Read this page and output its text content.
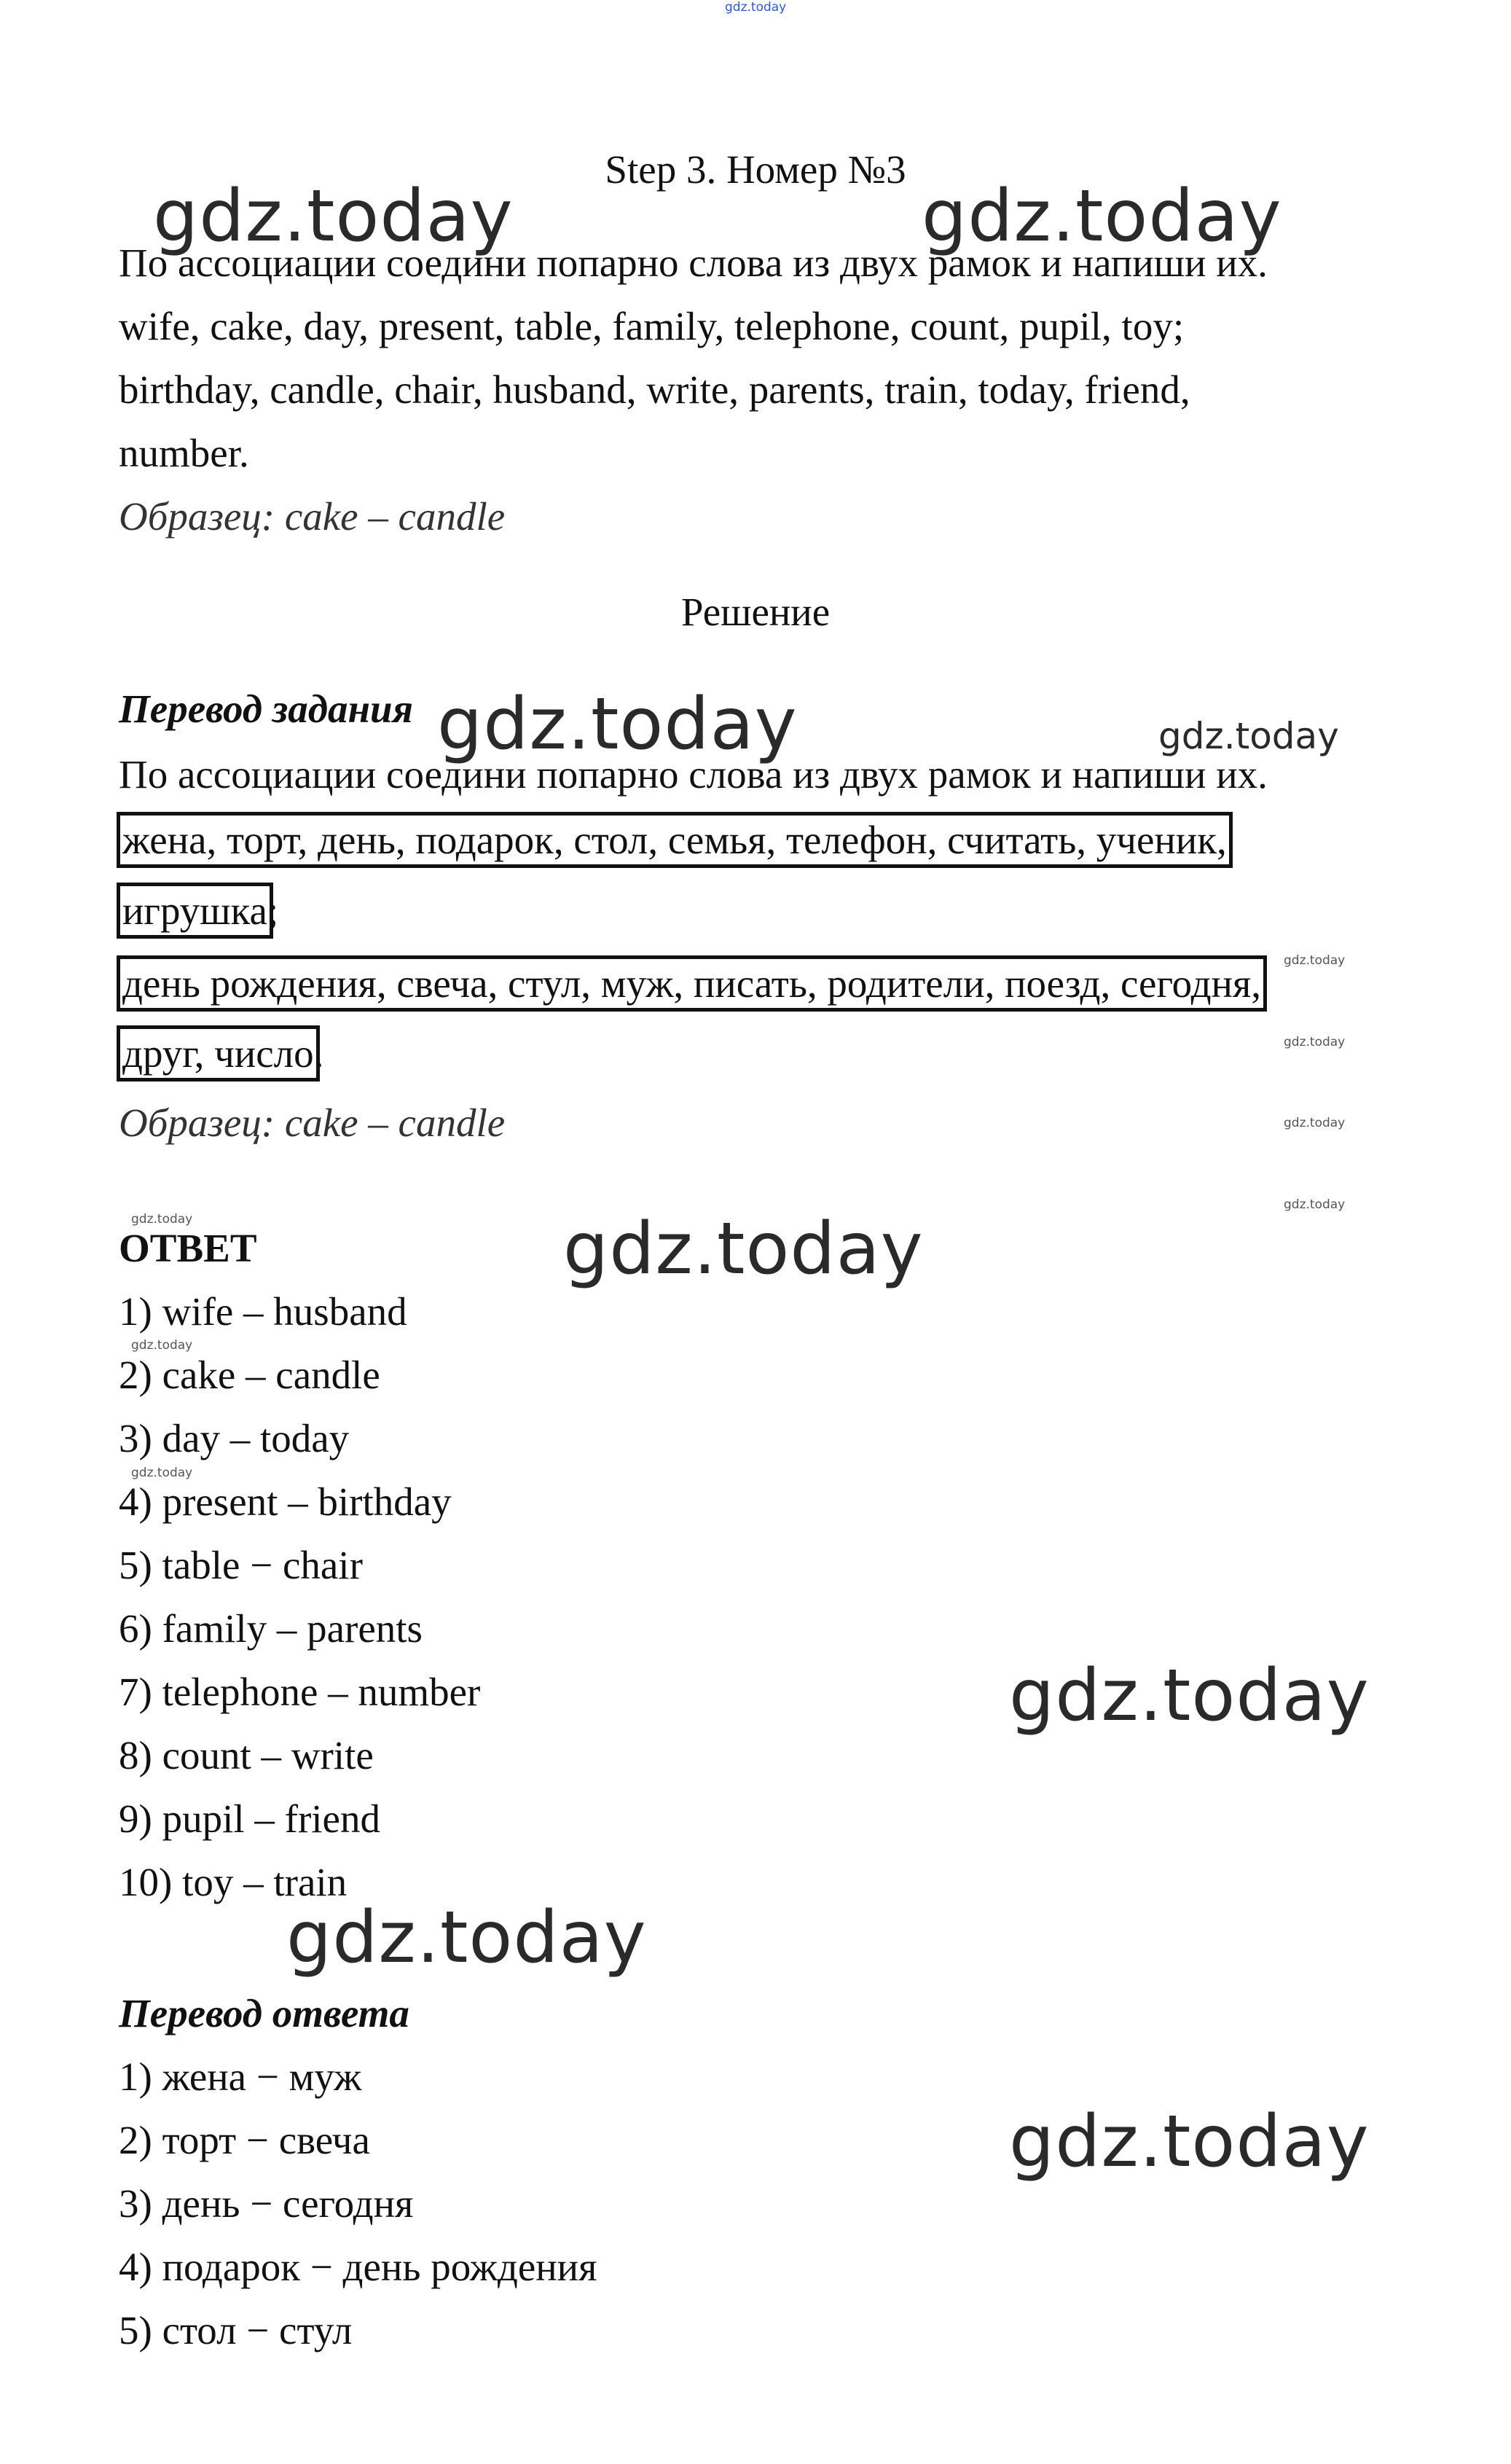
gdz.today
Step 3. Номер №3
По ассоциации соедини попарно слова из двух рамок и напиши их.
wife, cake, day, present, table, family, telephone, count, pupil, toy;
birthday, candle, chair, husband, write, parents, train, today, friend,
number.
Образец: cake – candle
Решение
Перевод задания
По ассоциации соедини попарно слова из двух рамок и напиши их.
жена, торт, день, подарок, стол, семья, телефон, считать, ученик,
игрушка;
день рождения, свеча, стул, муж, писать, родители, поезд, сегодня,
друг, число.
Образец: cake – candle
ОТВЕТ
1) wife – husband
2) cake – candle
3) day – today
4) present – birthday
5) table − chair
6) family – parents
7) telephone – number
8) count – write
9) pupil – friend
10) toy – train
Перевод ответа
1) жена − муж
2) торт − свеча
3) день − сегодня
4) подарок − день рождения
5) стол − стул
gdz.today	gdz.today
gdz.today	gdz.today
gdz.today
gdz.today
gdz.today
gdz.today
gdz.today
gdz.today
gdz.today
gdz.today
gdz.today
gdz.today
gdz.today
